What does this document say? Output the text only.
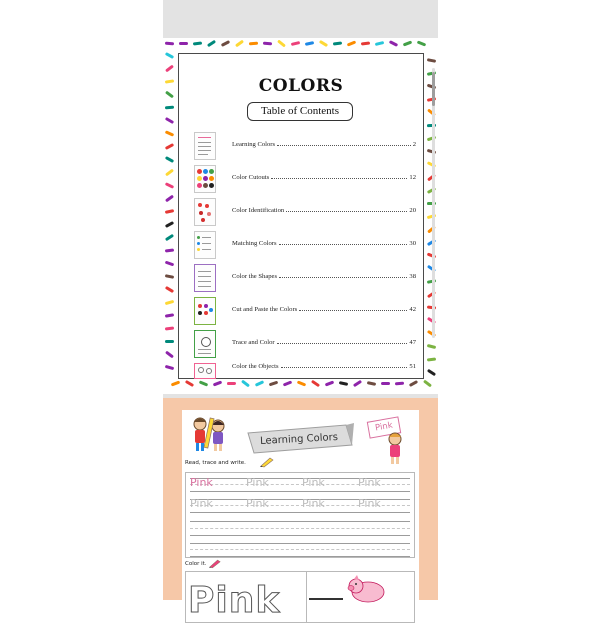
COLORS
Table of Contents
Learning Colors	2
Color Cutouts	12
Color Identification	20
Matching Colors	30
Color the Shapes	38
Cut and Paste the Colors	42
Trace and Color	47
Color the Objects	51
Learning Colors
Pink
Read, trace and write.
Pink	Pink	Pink	Pink
Pink	Pink	Pink	Pink
Color it.
Pink
